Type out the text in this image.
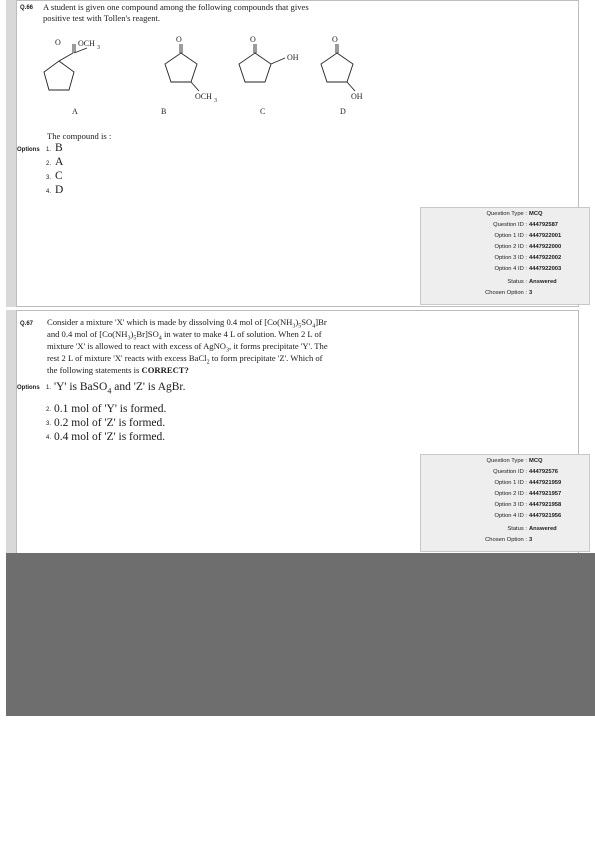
Q.66 A student is given one compound among the following compounds that gives
positive test with Tollen's reagent.
O OCH 3
O
OCH 3
O
OH
O
OH
A	B	C	D
The compound is :
Options 1. B
2. A
3. C
4. D
Question Type : MCQ
Question ID : 444792587
Option 1 ID : 4447922001
Option 2 ID : 4447922000
Option 3 ID : 4447922002
Option 4 ID : 4447922003
Status : Answered
Chosen Option : 3
Q.67 Consider a mixture 'X' which is made by dissolving 0.4 mol of $[Co(NH_3)_5SO_4]Br$
and 0.4 mol of $[Co(NH_3)_5Br]SO_4$ in water to make 4 L of solution. When 2 L of
mixture 'X' is allowed to react with excess of AgNO$_3$, it forms precipitate 'Y'. The
rest 2 L of mixture 'X' reacts with excess BaCl$_2$ to form precipitate 'Z'. Which of
the following statements is CORRECT?
Options 1. 'Y' is BaSO$_4$ and 'Z' is AgBr.
2. 0.1 mol of 'Y' is formed.
3. 0.2 mol of 'Z' is formed.
4. 0.4 mol of 'Z' is formed.
Question Type : MCQ
Question ID : 444792576
Option 1 ID : 4447921959
Option 2 ID : 4447921957
Option 3 ID : 4447921958
Option 4 ID : 4447921956
Status : Answered
Chosen Option : 3
